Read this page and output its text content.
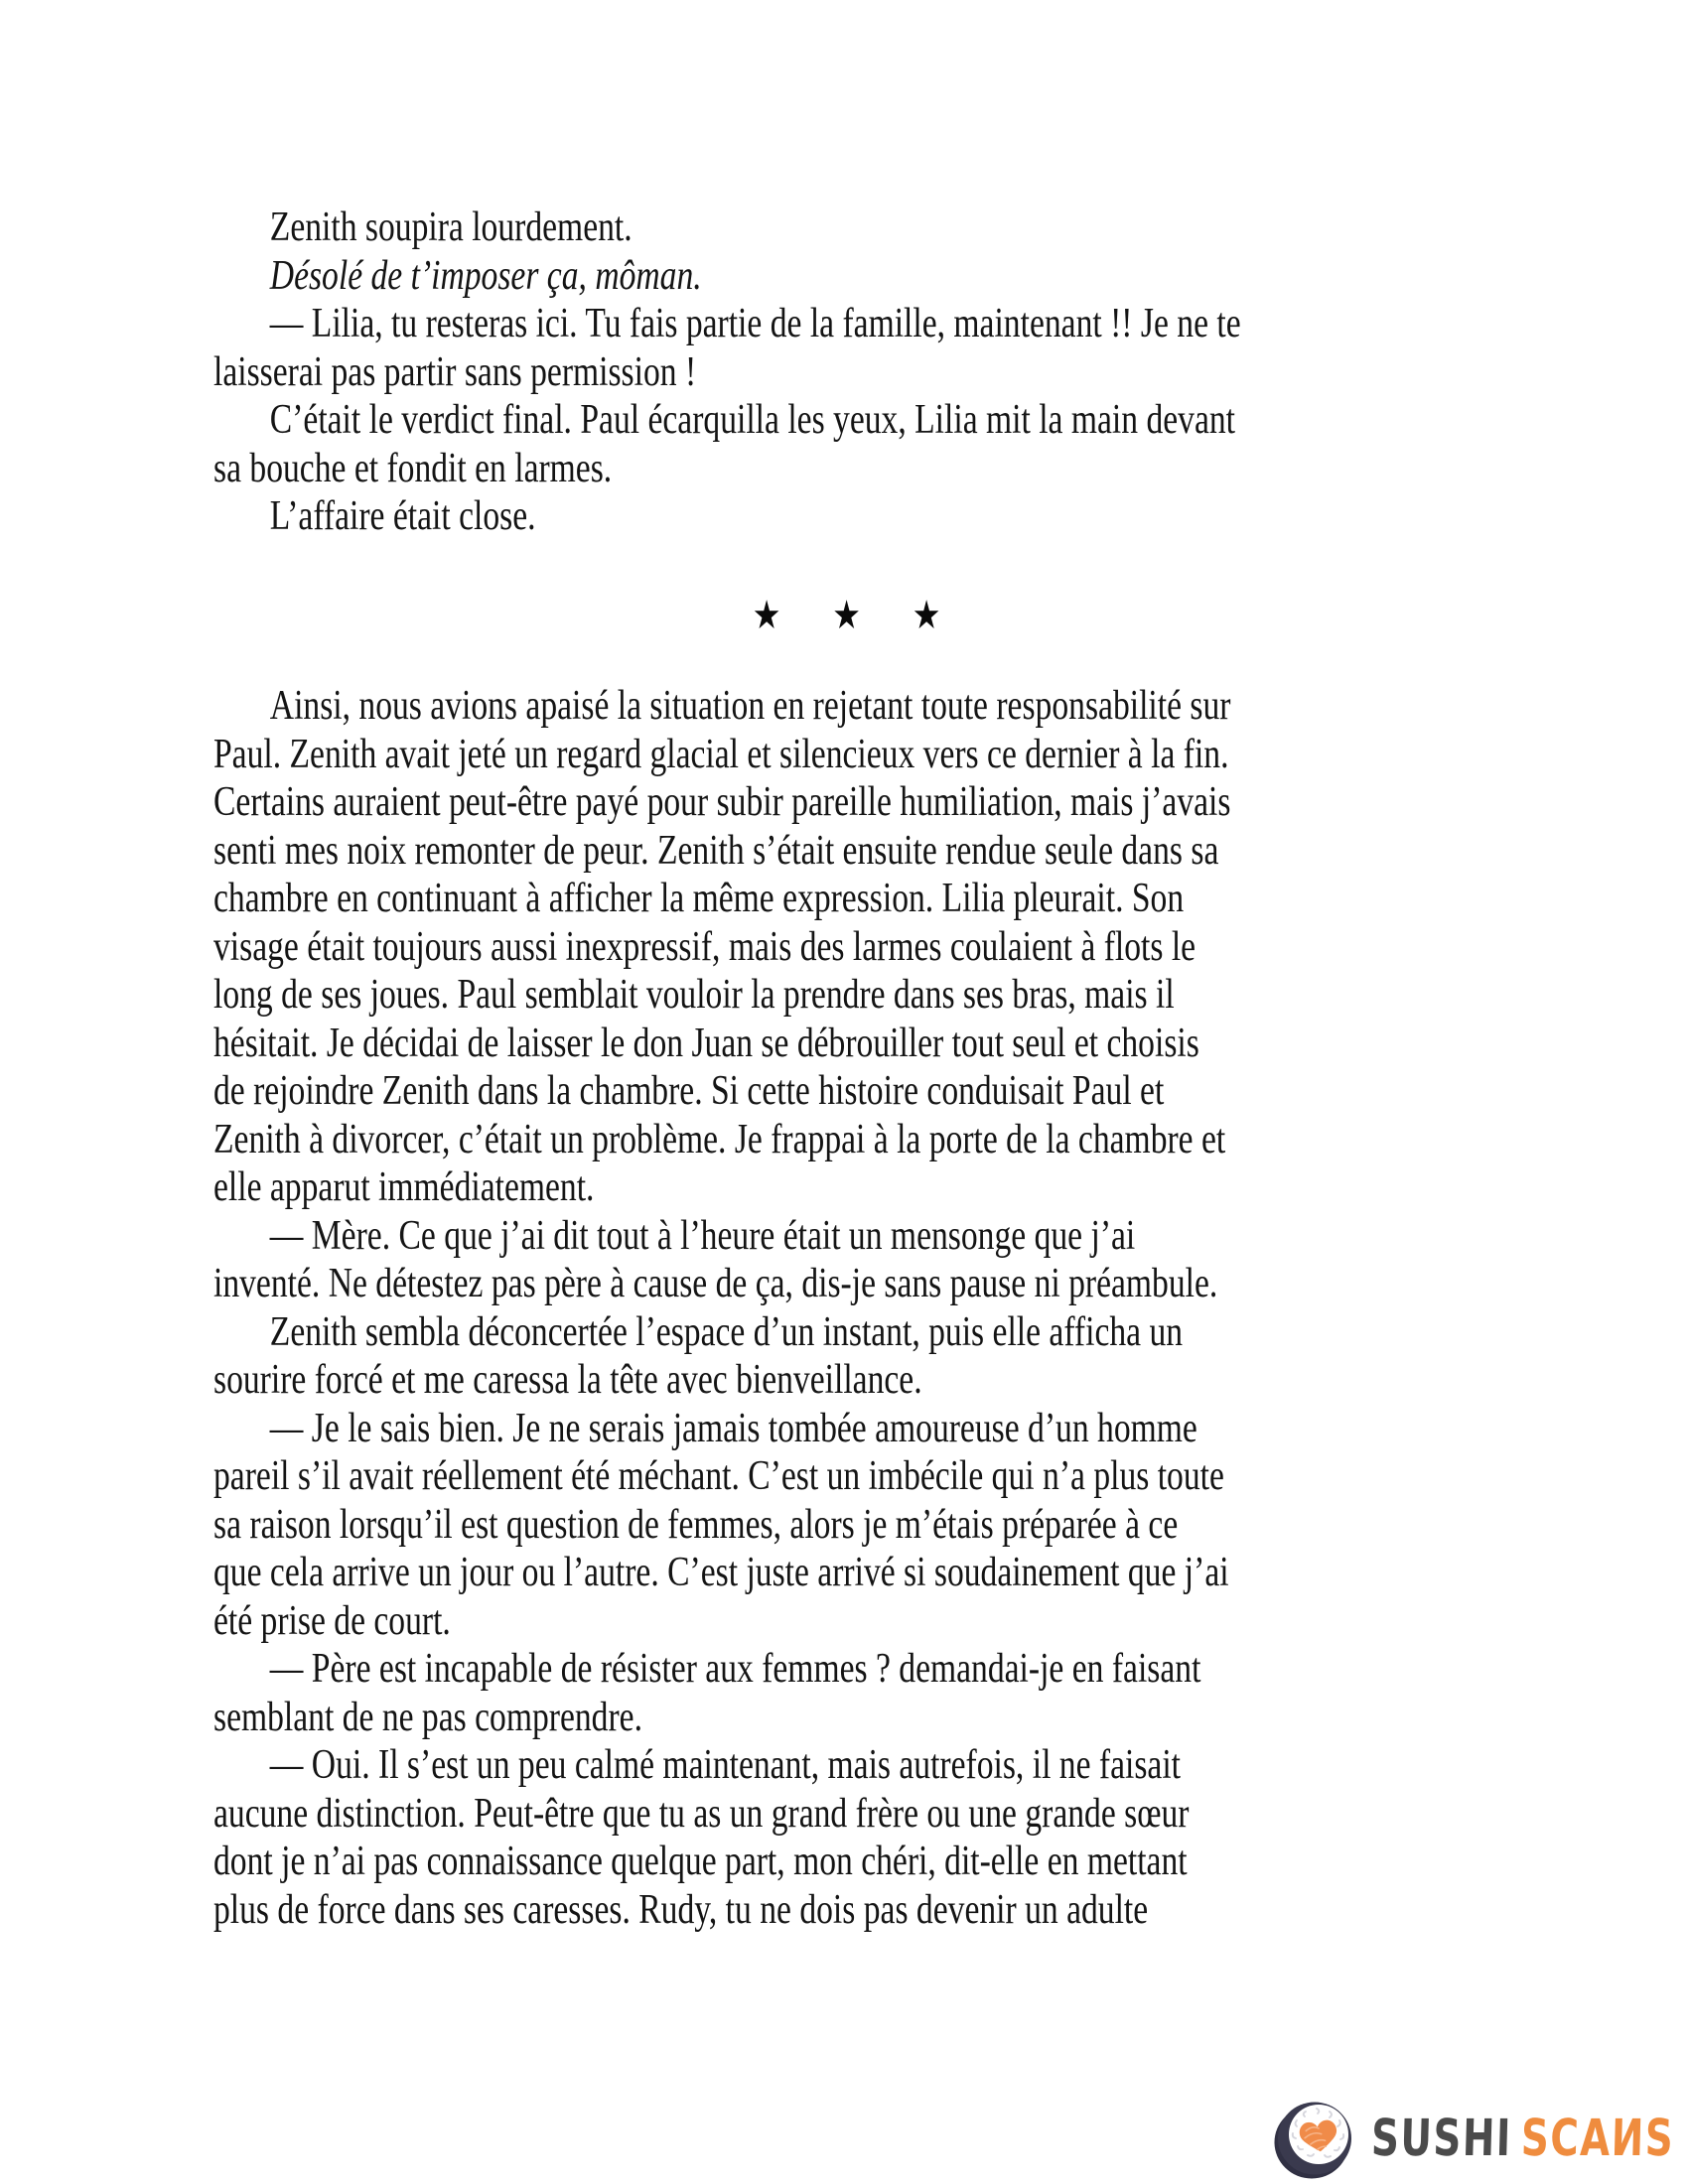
Zenith soupira lourdement.
Désolé de t’imposer ça, môman.
— Lilia, tu resteras ici. Tu fais partie de la famille, maintenant !! Je ne te
laisserai pas partir sans permission !
C’était le verdict final. Paul écarquilla les yeux, Lilia mit la main devant
sa bouche et fondit en larmes.
L’affaire était close.
★ ★ ★
Ainsi, nous avions apaisé la situation en rejetant toute responsabilité sur
Paul. Zenith avait jeté un regard glacial et silencieux vers ce dernier à la fin.
Certains auraient peut-être payé pour subir pareille humiliation, mais j’avais
senti mes noix remonter de peur. Zenith s’était ensuite rendue seule dans sa
chambre en continuant à afficher la même expression. Lilia pleurait. Son
visage était toujours aussi inexpressif, mais des larmes coulaient à flots le
long de ses joues. Paul semblait vouloir la prendre dans ses bras, mais il
hésitait. Je décidai de laisser le don Juan se débrouiller tout seul et choisis
de rejoindre Zenith dans la chambre. Si cette histoire conduisait Paul et
Zenith à divorcer, c’était un problème. Je frappai à la porte de la chambre et
elle apparut immédiatement.
— Mère. Ce que j’ai dit tout à l’heure était un mensonge que j’ai
inventé. Ne détestez pas père à cause de ça, dis-je sans pause ni préambule.
Zenith sembla déconcertée l’espace d’un instant, puis elle afficha un
sourire forcé et me caressa la tête avec bienveillance.
— Je le sais bien. Je ne serais jamais tombée amoureuse d’un homme
pareil s’il avait réellement été méchant. C’est un imbécile qui n’a plus toute
sa raison lorsqu’il est question de femmes, alors je m’étais préparée à ce
que cela arrive un jour ou l’autre. C’est juste arrivé si soudainement que j’ai
été prise de court.
— Père est incapable de résister aux femmes ? demandai-je en faisant
semblant de ne pas comprendre.
— Oui. Il s’est un peu calmé maintenant, mais autrefois, il ne faisait
aucune distinction. Peut-être que tu as un grand frère ou une grande sœur
dont je n’ai pas connaissance quelque part, mon chéri, dit-elle en mettant
plus de force dans ses caresses. Rudy, tu ne dois pas devenir un adulte
SUSHI SCAИS
